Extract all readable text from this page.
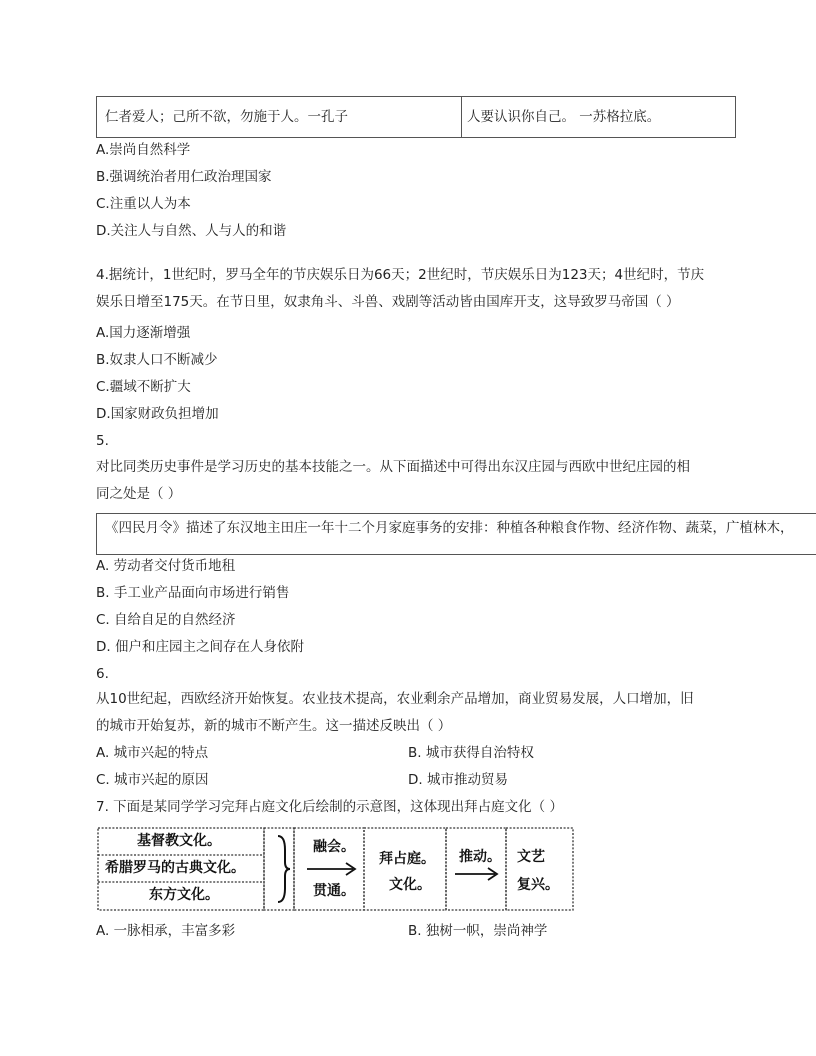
仁者爱人；己所不欲，勿施于人。一孔子	人要认识你自己。 一苏格拉底。
A.崇尚自然科学
B.强调统治者用仁政治理国家
C.注重以人为本
D.关注人与自然、人与人的和谐
4.据统计，1世纪时，罗马全年的节庆娱乐日为66天；2世纪时，节庆娱乐日为123天；4世纪时，节庆
娱乐日增至175天。在节日里，奴隶角斗、斗兽、戏剧等活动皆由国库开支，这导致罗马帝国（ ）
A.国力逐渐增强
B.奴隶人口不断减少
C.疆域不断扩大
D.国家财政负担增加
5.
对比同类历史事件是学习历史的基本技能之一。从下面描述中可得出东汉庄园与西欧中世纪庄园的相
同之处是（ ）
《四民月令》描述了东汉地主田庄一年十二个月家庭事务的安排：种植各种粮食作物、经济作物、蔬菜，广植林木，
A. 劳动者交付货币地租
B. 手工业产品面向市场进行销售
C. 自给自足的自然经济
D. 佃户和庄园主之间存在人身依附
6.
从10世纪起，西欧经济开始恢复。农业技术提高，农业剩余产品增加，商业贸易发展，人口增加，旧
的城市开始复苏，新的城市不断产生。这一描述反映出（ ）
A. 城市兴起的特点	B. 城市获得自治特权
C. 城市兴起的原因	D. 城市推动贸易
7. 下面是某同学学习完拜占庭文化后绘制的示意图，这体现出拜占庭文化（ ）
基督教文化。
希腊罗马的古典文化。
东方文化。
融会。
贯通。
拜占庭。
文化。
推动。 文艺
复兴。
A. 一脉相承，丰富多彩	B. 独树一帜，崇尚神学
